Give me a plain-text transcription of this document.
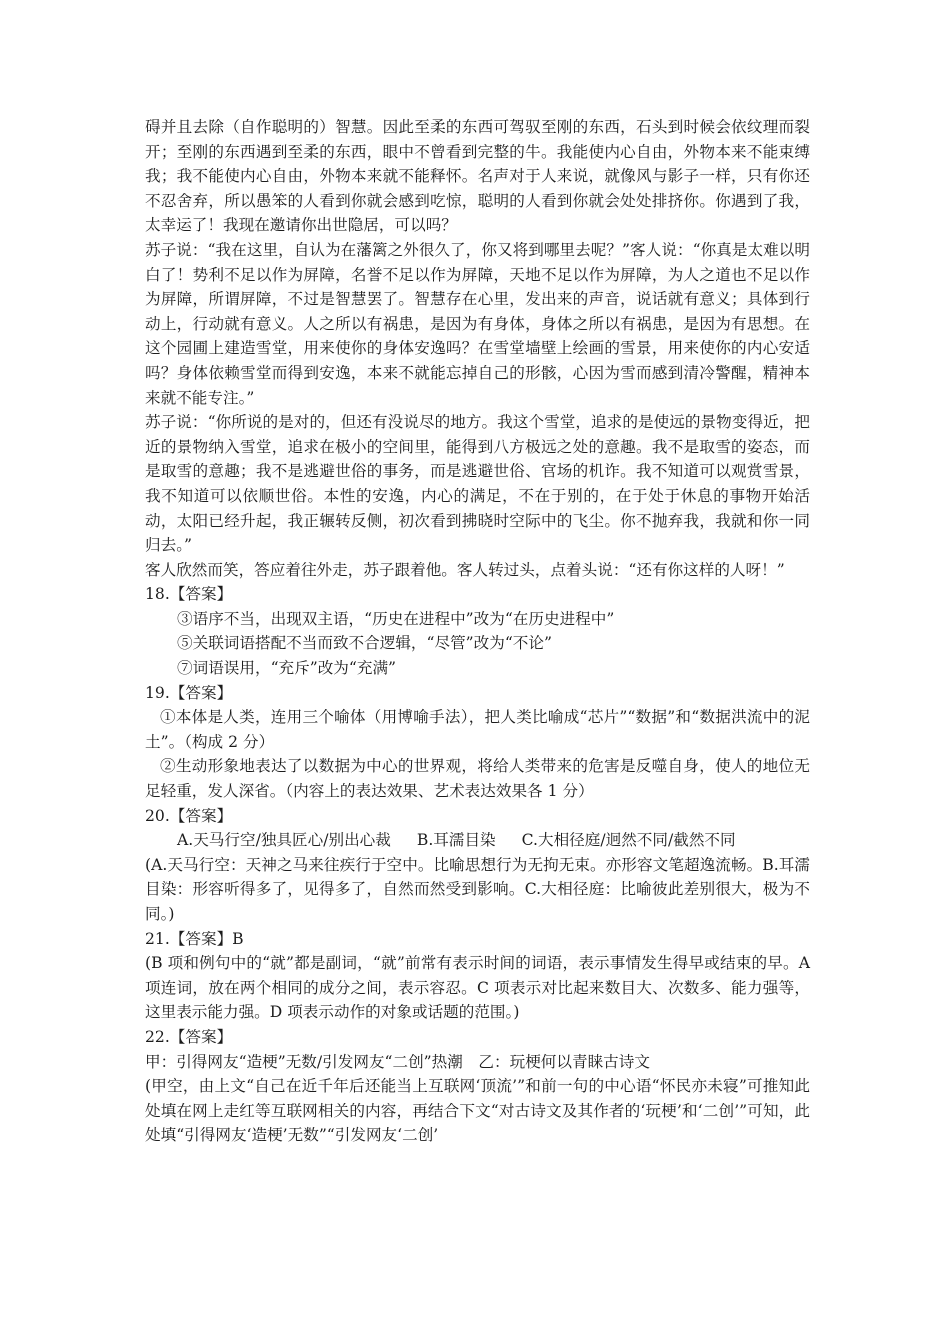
碍并且去除（自作聪明的）智慧。因此至柔的东西可驾驭至刚的东西，石头到时候会依纹理而裂开；至刚的东西遇到至柔的东西，眼中不曾看到完整的牛。我能使内心自由，外物本来不能束缚我；我不能使内心自由，外物本来就不能释怀。名声对于人来说，就像风与影子一样，只有你还不忍舍弃，所以愚笨的人看到你就会感到吃惊，聪明的人看到你就会处处排挤你。你遇到了我，太幸运了！我现在邀请你出世隐居，可以吗？

苏子说：“我在这里，自认为在藩篱之外很久了，你又将到哪里去呢？”客人说：“你真是太难以明白了！势利不足以作为屏障，名誉不足以作为屏障，天地不足以作为屏障，为人之道也不足以作为屏障，所谓屏障，不过是智慧罢了。智慧存在心里，发出来的声音，说话就有意义；具体到行动上，行动就有意义。人之所以有祸患，是因为有身体，身体之所以有祸患，是因为有思想。在这个园圃上建造雪堂，用来使你的身体安逸吗？在雪堂墙壁上绘画的雪景，用来使你的内心安适吗？身体依赖雪堂而得到安逸，本来不就能忘掉自己的形骸，心因为雪而感到清冷警醒，精神本来就不能专注。”

苏子说：“你所说的是对的，但还有没说尽的地方。我这个雪堂，追求的是使远的景物变得近，把近的景物纳入雪堂，追求在极小的空间里，能得到八方极远之处的意趣。我不是取雪的姿态，而是取雪的意趣；我不是逃避世俗的事务，而是逃避世俗、官场的机诈。我不知道可以观赏雪景，我不知道可以依顺世俗。本性的安逸，内心的满足，不在于别的，在于处于休息的事物开始活动，太阳已经升起，我正辗转反侧，初次看到拂晓时空际中的飞尘。你不抛弃我，我就和你一同归去。”

客人欣然而笑，答应着往外走，苏子跟着他。客人转过头，点着头说：“还有你这样的人呀！”

18.【答案】

③语序不当，出现双主语，“历史在进程中”改为“在历史进程中”

⑤关联词语搭配不当而致不合逻辑，“尽管”改为“不论”

⑦词语误用，“充斥”改为“充满”

19.【答案】

①本体是人类，连用三个喻体（用博喻手法），把人类比喻成“芯片”“数据”和“数据洪流中的泥土”。（构成 2 分）

②生动形象地表达了以数据为中心的世界观，将给人类带来的危害是反噬自身，使人的地位无足轻重，发人深省。（内容上的表达效果、艺术表达效果各 1 分）

20.【答案】

A.天马行空/独具匠心/别出心裁 B.耳濡目染 C.大相径庭/迥然不同/截然不同

(A.天马行空：天神之马来往疾行于空中。比喻思想行为无拘无束。亦形容文笔超逸流畅。B.耳濡目染：形容听得多了，见得多了，自然而然受到影响。C.大相径庭：比喻彼此差别很大，极为不同。)

21.【答案】B

(B 项和例句中的“就”都是副词，“就”前常有表示时间的词语，表示事情发生得早或结束的早。A 项连词，放在两个相同的成分之间，表示容忍。C 项表示对比起来数目大、次数多、能力强等，这里表示能力强。D 项表示动作的对象或话题的范围。)

22.【答案】

甲：引得网友“造梗”无数/引发网友“二创”热潮　乙：玩梗何以青睐古诗文

(甲空，由上文“自己在近千年后还能当上互联网‘顶流’”和前一句的中心语“怀民亦未寝”可推知此处填在网上走红等互联网相关的内容，再结合下文“对古诗文及其作者的‘玩梗’和‘二创’”可知，此处填“引得网友‘造梗’无数”“引发网友‘二创’
